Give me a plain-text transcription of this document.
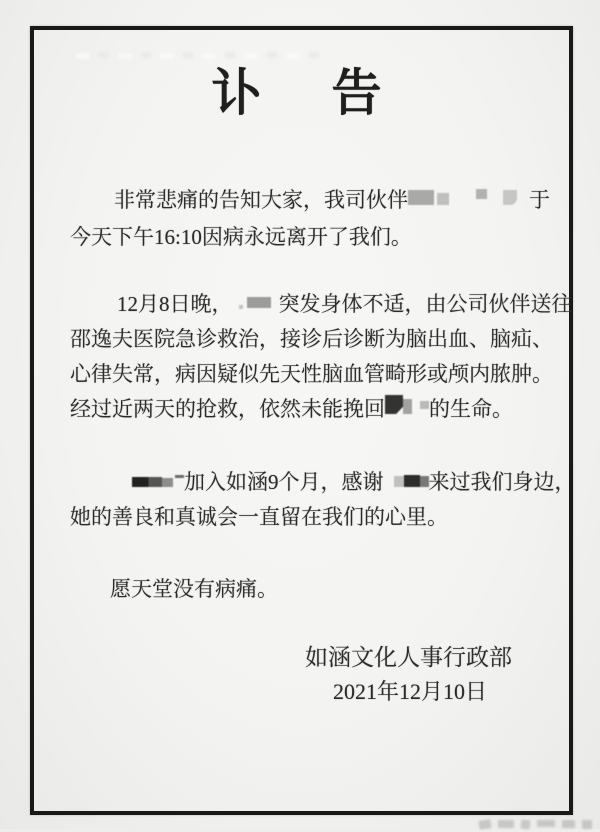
讣　告
非常悲痛的告知大家，我司伙伴	于
今天下午16:10因病永远离开了我们。
12月8日晚， 突发身体不适，由公司伙伴送往
邵逸夫医院急诊救治，接诊后诊断为脑出血、脑疝、
心律失常，病因疑似先天性脑血管畸形或颅内脓肿。
经过近两天的抢救，依然未能挽回 的生命。
加入如涵9个月，感谢 来过我们身边，
她的善良和真诚会一直留在我们的心里。
愿天堂没有病痛。
如涵文化人事行政部
2021年12月10日
